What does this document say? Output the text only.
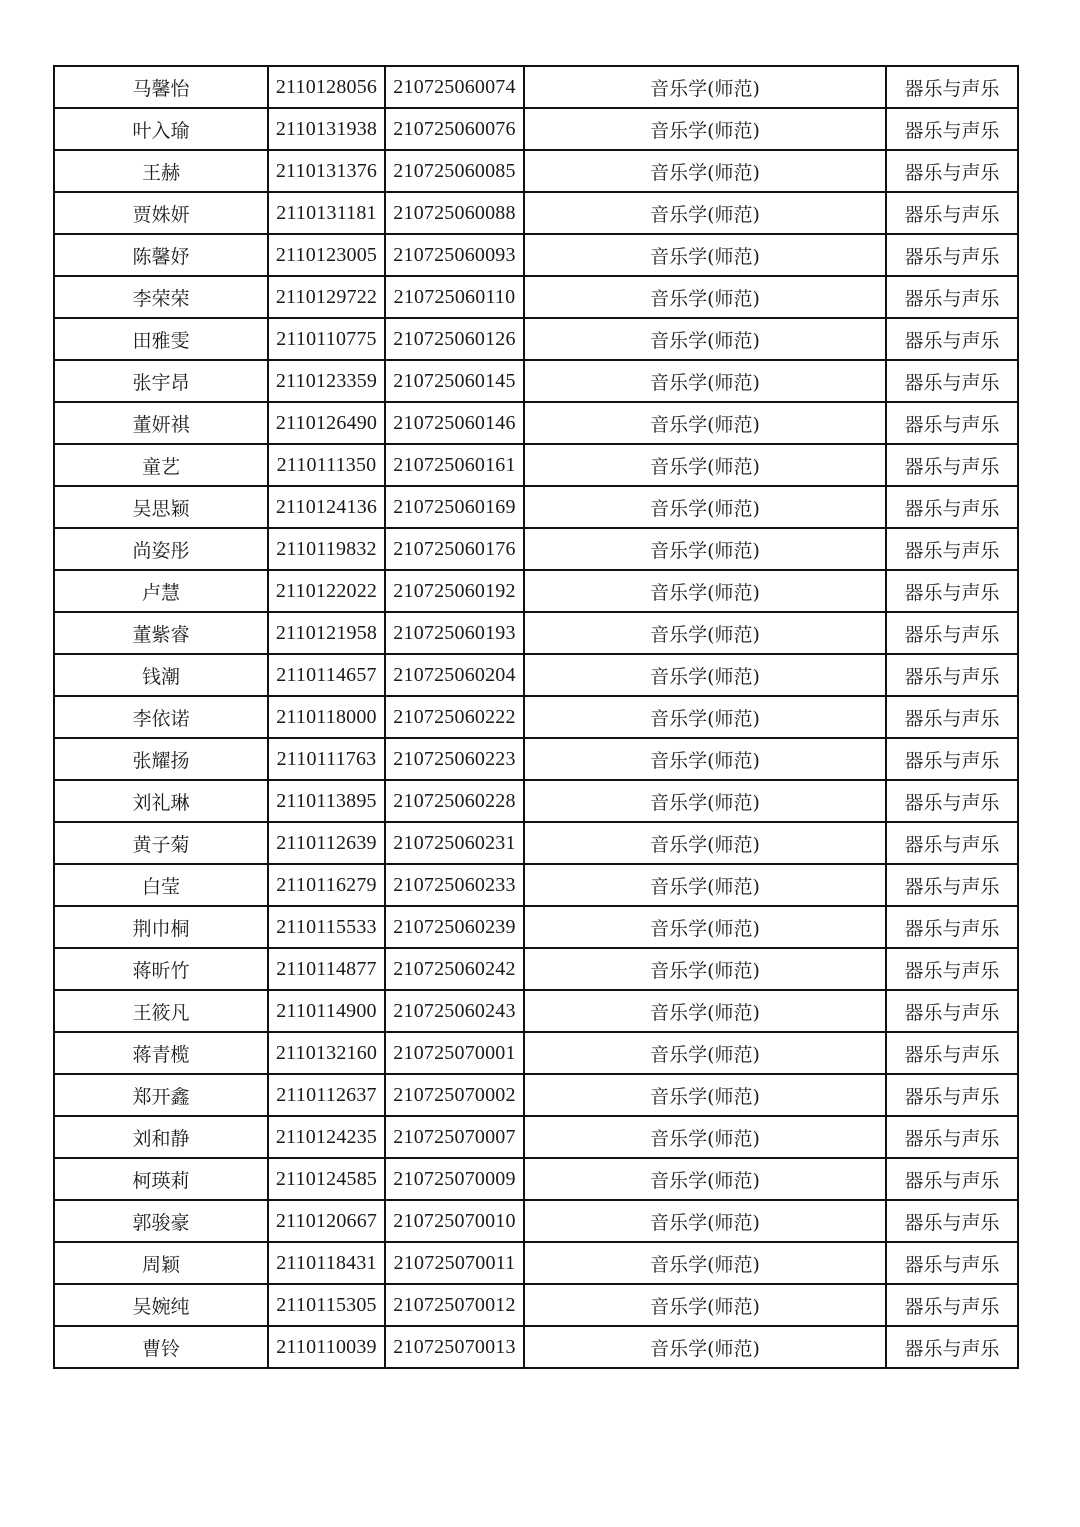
马馨怡	2110128056	210725060074	音乐学(师范)	器乐与声乐
叶入瑜	2110131938	210725060076	音乐学(师范)	器乐与声乐
王赫	2110131376	210725060085	音乐学(师范)	器乐与声乐
贾姝妍	2110131181	210725060088	音乐学(师范)	器乐与声乐
陈馨妤	2110123005	210725060093	音乐学(师范)	器乐与声乐
李荣荣	2110129722	210725060110	音乐学(师范)	器乐与声乐
田雅雯	2110110775	210725060126	音乐学(师范)	器乐与声乐
张宇昂	2110123359	210725060145	音乐学(师范)	器乐与声乐
董妍祺	2110126490	210725060146	音乐学(师范)	器乐与声乐
童艺	2110111350	210725060161	音乐学(师范)	器乐与声乐
吴思颖	2110124136	210725060169	音乐学(师范)	器乐与声乐
尚姿彤	2110119832	210725060176	音乐学(师范)	器乐与声乐
卢慧	2110122022	210725060192	音乐学(师范)	器乐与声乐
董紫睿	2110121958	210725060193	音乐学(师范)	器乐与声乐
钱潮	2110114657	210725060204	音乐学(师范)	器乐与声乐
李依诺	2110118000	210725060222	音乐学(师范)	器乐与声乐
张耀扬	2110111763	210725060223	音乐学(师范)	器乐与声乐
刘礼琳	2110113895	210725060228	音乐学(师范)	器乐与声乐
黄子菊	2110112639	210725060231	音乐学(师范)	器乐与声乐
白莹	2110116279	210725060233	音乐学(师范)	器乐与声乐
荆巾桐	2110115533	210725060239	音乐学(师范)	器乐与声乐
蒋昕竹	2110114877	210725060242	音乐学(师范)	器乐与声乐
王筱凡	2110114900	210725060243	音乐学(师范)	器乐与声乐
蒋青榄	2110132160	210725070001	音乐学(师范)	器乐与声乐
郑开鑫	2110112637	210725070002	音乐学(师范)	器乐与声乐
刘和静	2110124235	210725070007	音乐学(师范)	器乐与声乐
柯瑛莉	2110124585	210725070009	音乐学(师范)	器乐与声乐
郭骏豪	2110120667	210725070010	音乐学(师范)	器乐与声乐
周颖	2110118431	210725070011	音乐学(师范)	器乐与声乐
吴婉纯	2110115305	210725070012	音乐学(师范)	器乐与声乐
曹铃	2110110039	210725070013	音乐学(师范)	器乐与声乐
